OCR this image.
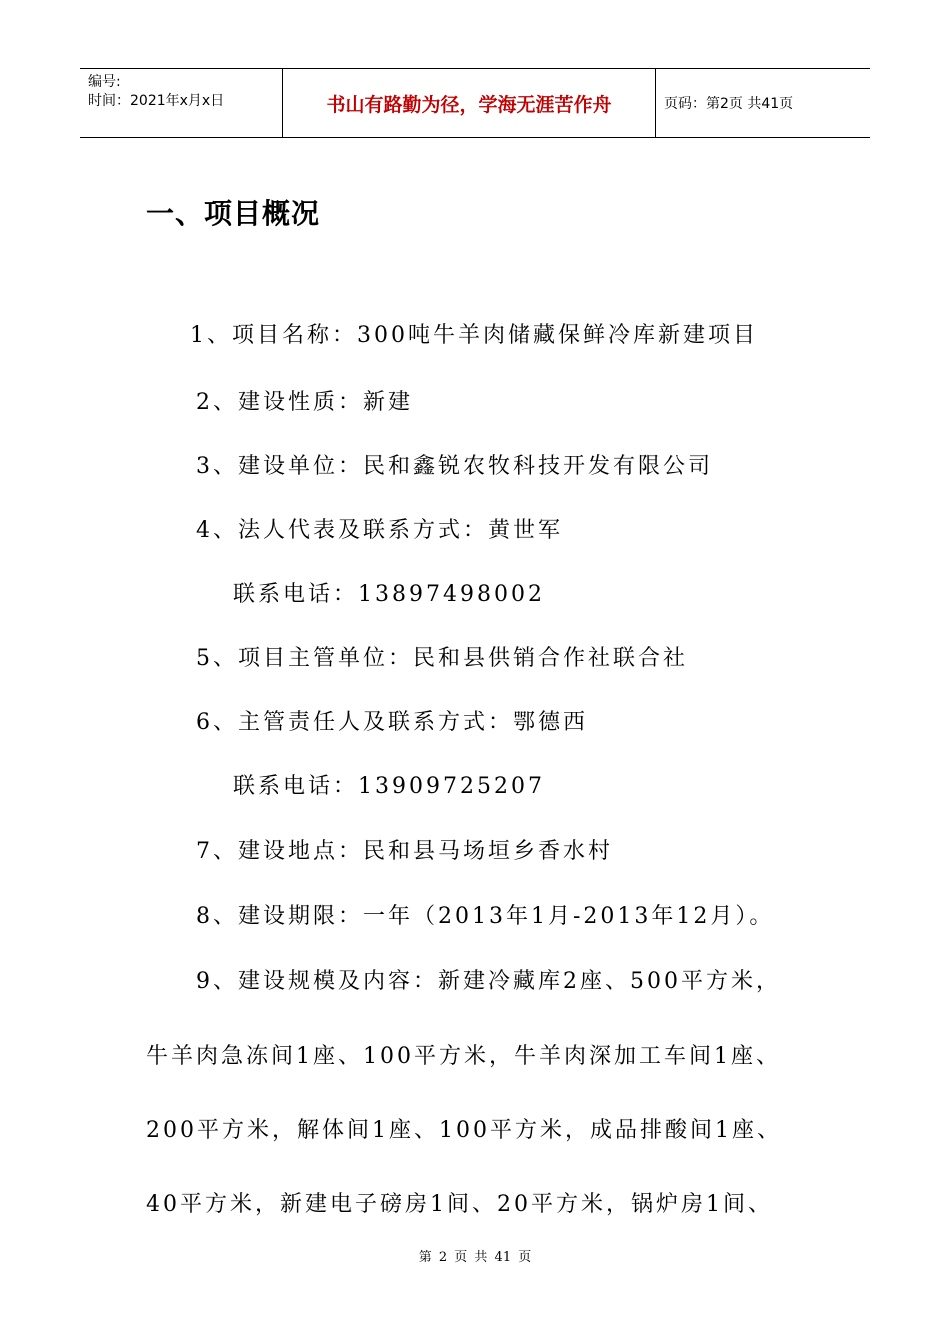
编号:
时间：2021年x月x日	书山有路勤为径，学海无涯苦作舟	页码：第2页 共41页
一、项目概况
1、项目名称：300吨牛羊肉储藏保鲜冷库新建项目
2、建设性质：新建
3、建设单位：民和鑫锐农牧科技开发有限公司
4、法人代表及联系方式：黄世军
联系电话：13897498002
5、项目主管单位：民和县供销合作社联合社
6、主管责任人及联系方式：鄂德西
联系电话：13909725207
7、建设地点：民和县马场垣乡香水村
8、建设期限：一年（2013年1月-2013年12月）。
9、建设规模及内容：新建冷藏库2座、500平方米，
牛羊肉急冻间1座、100平方米，牛羊肉深加工车间1座、
200平方米，解体间1座、100平方米，成品排酸间1座、
40平方米，新建电子磅房1间、20平方米，锅炉房1间、
第 2 页 共 41 页
